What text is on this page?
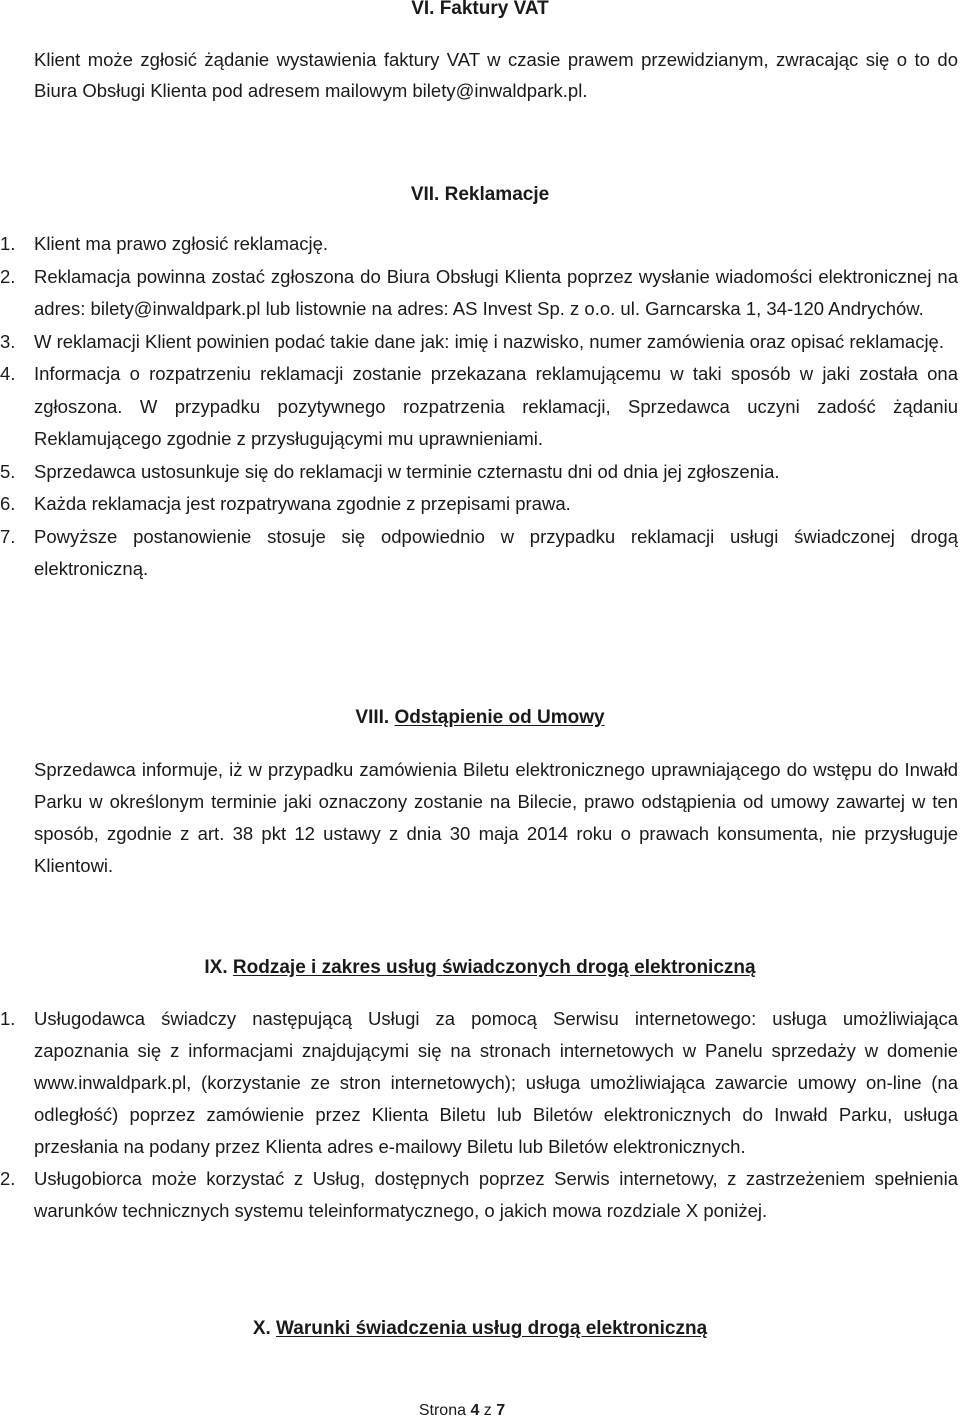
VI. Faktury VAT

Klient może zgłosić żądanie wystawienia faktury VAT w czasie prawem przewidzianym, zwracając się o to do Biura Obsługi Klienta pod adresem mailowym bilety@inwaldpark.pl.

VII. Reklamacje
1. Klient ma prawo zgłosić reklamację.
2. Reklamacja powinna zostać zgłoszona do Biura Obsługi Klienta poprzez wysłanie wiadomości elektronicznej na adres: bilety@inwaldpark.pl lub listownie na adres: AS Invest Sp. z o.o. ul. Garncarska 1, 34-120 Andrychów.
3. W reklamacji Klient powinien podać takie dane jak: imię i nazwisko, numer zamówienia oraz opisać reklamację.
4. Informacja o rozpatrzeniu reklamacji zostanie przekazana reklamującemu w taki sposób w jaki została ona zgłoszona. W przypadku pozytywnego rozpatrzenia reklamacji, Sprzedawca uczyni zadość żądaniu Reklamującego zgodnie z przysługującymi mu uprawnieniami.
5. Sprzedawca ustosunkuje się do reklamacji w terminie czternastu dni od dnia jej zgłoszenia.
6. Każda reklamacja jest rozpatrywana zgodnie z przepisami prawa.
7. Powyższe postanowienie stosuje się odpowiednio w przypadku reklamacji usługi świadczonej drogą elektroniczną.
VIII. Odstąpienie od Umowy

Sprzedawca informuje, iż w przypadku zamówienia Biletu elektronicznego uprawniającego do wstępu do Inwałd Parku w określonym terminie jaki oznaczony zostanie na Bilecie, prawo odstąpienia od umowy zawartej w ten sposób, zgodnie z art. 38 pkt 12 ustawy z dnia 30 maja 2014 roku o prawach konsumenta, nie przysługuje Klientowi.

IX. Rodzaje i zakres usług świadczonych drogą elektroniczną
1. Usługodawca świadczy następującą Usługi za pomocą Serwisu internetowego: usługa umożliwiająca zapoznania się z informacjami znajdującymi się na stronach internetowych w Panelu sprzedaży w domenie www.inwaldpark.pl, (korzystanie ze stron internetowych); usługa umożliwiająca zawarcie umowy on-line (na odległość) poprzez zamówienie przez Klienta Biletu lub Biletów elektronicznych do Inwałd Parku, usługa przesłania na podany przez Klienta adres e-mailowy Biletu lub Biletów elektronicznych.
2. Usługobiorca może korzystać z Usług, dostępnych poprzez Serwis internetowy, z zastrzeżeniem spełnienia warunków technicznych systemu teleinformatycznego, o jakich mowa rozdziale X poniżej.
X. Warunki świadczenia usług drogą elektroniczną
Strona 4 z 7
